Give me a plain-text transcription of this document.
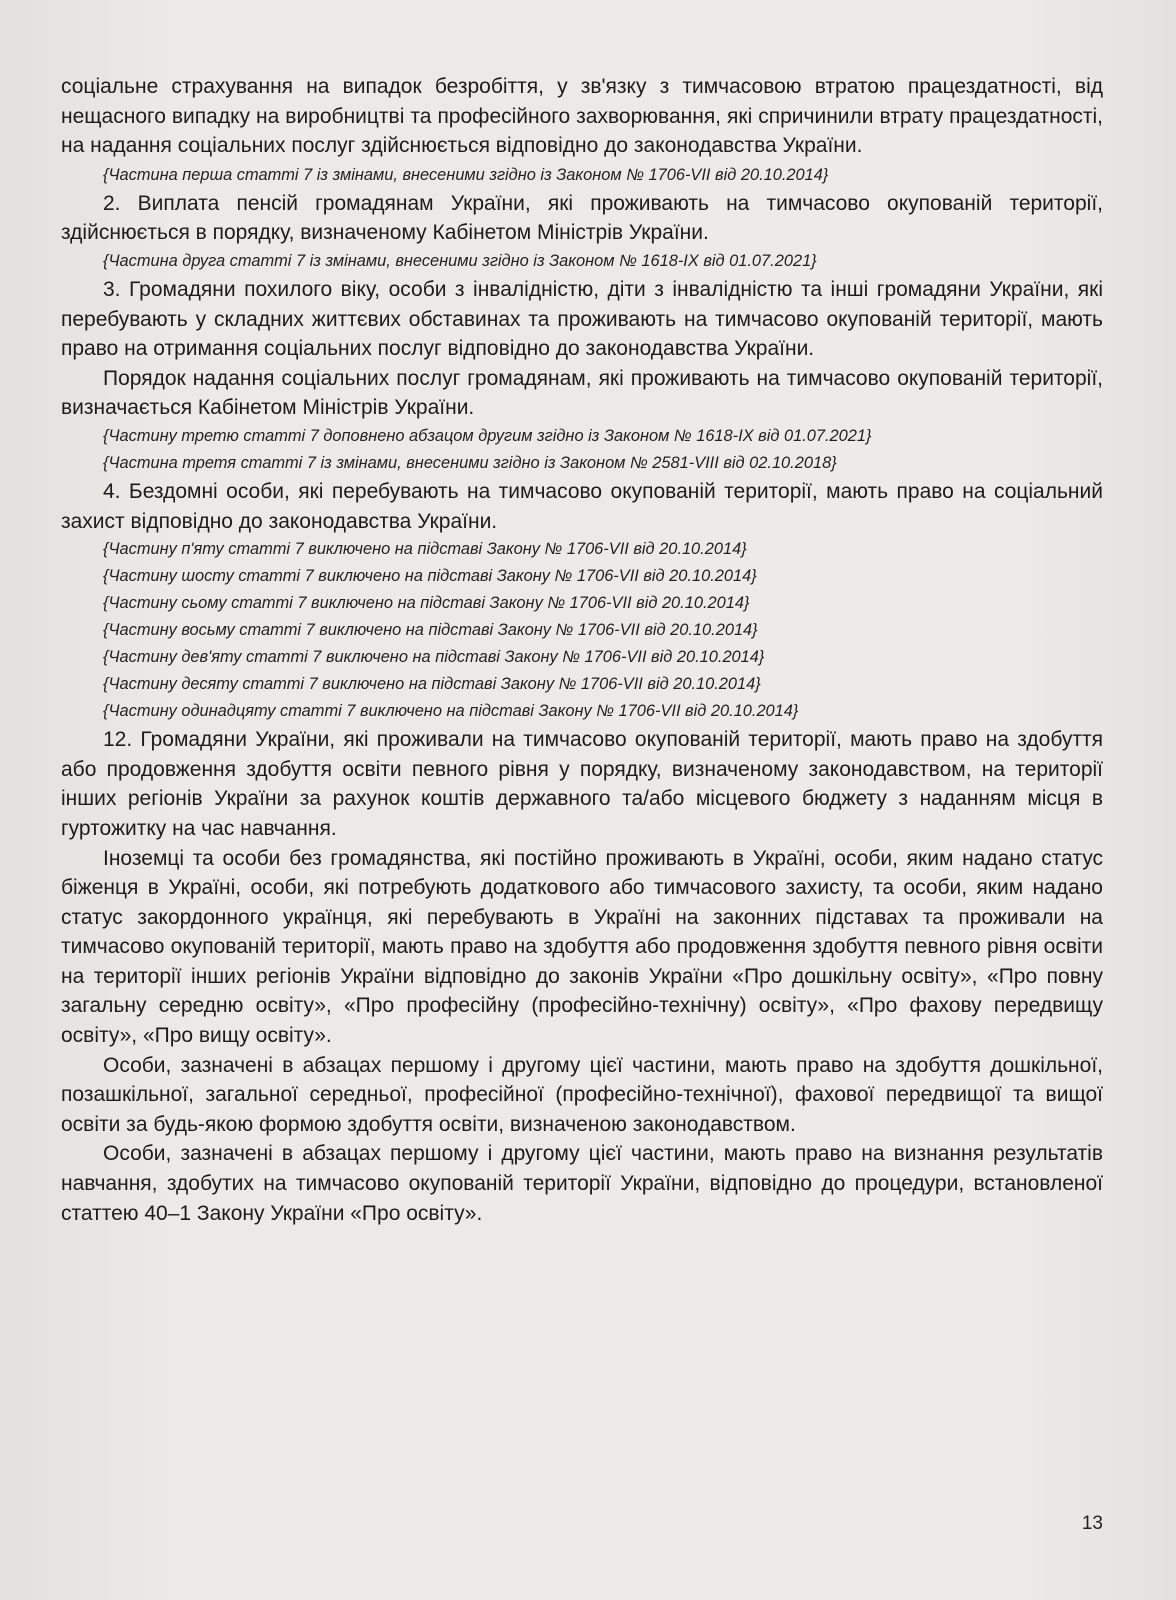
соціальне страхування на випадок безробіття, у зв'язку з тимчасовою втратою працездатності, від нещасного випадку на виробництві та професійного захворювання, які спричинили втрату працездатності, на надання соціальних послуг здійснюється відповідно до законодавства України.

{Частина перша статті 7 із змінами, внесеними згідно із Законом № 1706-VII від 20.10.2014}

2. Виплата пенсій громадянам України, які проживають на тимчасово окупованій території, здійснюється в порядку, визначеному Кабінетом Міністрів України.

{Частина друга статті 7 із змінами, внесеними згідно із Законом № 1618-IX від 01.07.2021}

3. Громадяни похилого віку, особи з інвалідністю, діти з інвалідністю та інші громадяни України, які перебувають у складних життєвих обставинах та проживають на тимчасово окупованій території, мають право на отримання соціальних послуг відповідно до законодавства України.

Порядок надання соціальних послуг громадянам, які проживають на тимчасово окупованій території, визначається Кабінетом Міністрів України.

{Частину третю статті 7 доповнено абзацом другим згідно із Законом № 1618-IX від 01.07.2021}

{Частина третя статті 7 із змінами, внесеними згідно із Законом № 2581-VIII від 02.10.2018}

4. Бездомні особи, які перебувають на тимчасово окупованій території, мають право на соціальний захист відповідно до законодавства України.

{Частину п'яту статті 7 виключено на підставі Закону № 1706-VII від 20.10.2014}

{Частину шосту статті 7 виключено на підставі Закону № 1706-VII від 20.10.2014}

{Частину сьому статті 7 виключено на підставі Закону № 1706-VII від 20.10.2014}

{Частину восьму статті 7 виключено на підставі Закону № 1706-VII від 20.10.2014}

{Частину дев'яту статті 7 виключено на підставі Закону № 1706-VII від 20.10.2014}

{Частину десяту статті 7 виключено на підставі Закону № 1706-VII від 20.10.2014}

{Частину одинадцяту статті 7 виключено на підставі Закону № 1706-VII від 20.10.2014}

12. Громадяни України, які проживали на тимчасово окупованій території, мають право на здобуття або продовження здобуття освіти певного рівня у порядку, визначеному законодавством, на території інших регіонів України за рахунок коштів державного та/або місцевого бюджету з наданням місця в гуртожитку на час навчання.

Іноземці та особи без громадянства, які постійно проживають в Україні, особи, яким надано статус біженця в Україні, особи, які потребують додаткового або тимчасового захисту, та особи, яким надано статус закордонного українця, які перебувають в Україні на законних підставах та проживали на тимчасово окупованій території, мають право на здобуття або продовження здобуття певного рівня освіти на території інших регіонів України відповідно до законів України «Про дошкільну освіту», «Про повну загальну середню освіту», «Про професійну (професійно-технічну) освіту», «Про фахову передвищу освіту», «Про вищу освіту».

Особи, зазначені в абзацах першому і другому цієї частини, мають право на здобуття дошкільної, позашкільної, загальної середньої, професійної (професійно-технічної), фахової передвищої та вищої освіти за будь-якою формою здобуття освіти, визначеною законодавством.

Особи, зазначені в абзацах першому і другому цієї частини, мають право на визнання результатів навчання, здобутих на тимчасово окупованій території України, відповідно до процедури, встановленої статтею 40–1 Закону України «Про освіту».

13
